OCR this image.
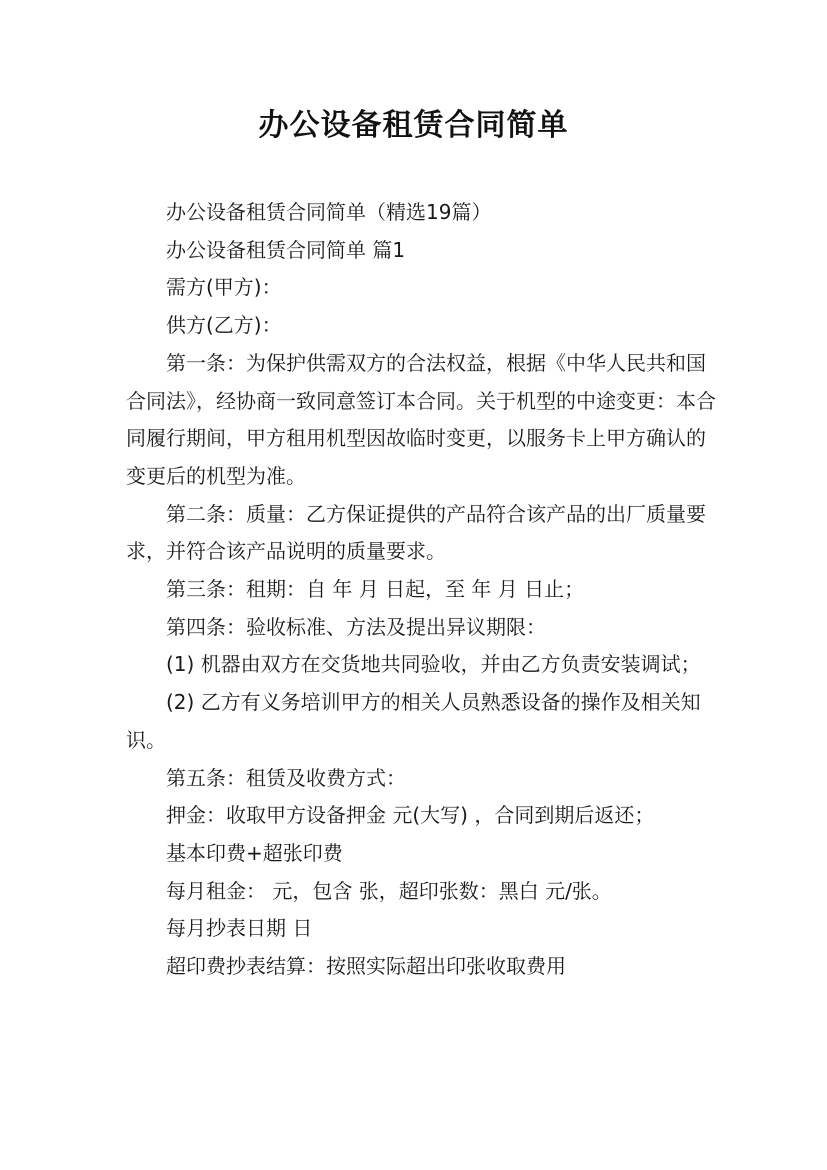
办公设备租赁合同简单

办公设备租赁合同简单（精选19篇）

办公设备租赁合同简单 篇1

需方(甲方)：

供方(乙方)：

第一条：为保护供需双方的合法权益，根据《中华人民共和国合同法》，经协商一致同意签订本合同。关于机型的中途变更：本合同履行期间，甲方租用机型因故临时变更，以服务卡上甲方确认的变更后的机型为准。

第二条：质量：乙方保证提供的产品符合该产品的出厂质量要求，并符合该产品说明的质量要求。

第三条：租期：自 年 月 日起，至 年 月 日止；

第四条：验收标准、方法及提出异议期限：

(1) 机器由双方在交货地共同验收，并由乙方负责安装调试；

(2) 乙方有义务培训甲方的相关人员熟悉设备的操作及相关知识。

第五条：租赁及收费方式：

押金：收取甲方设备押金 元(大写) ，合同到期后返还；

基本印费+超张印费

每月租金： 元，包含 张，超印张数：黑白 元/张。

每月抄表日期 日

超印费抄表结算：按照实际超出印张收取费用
